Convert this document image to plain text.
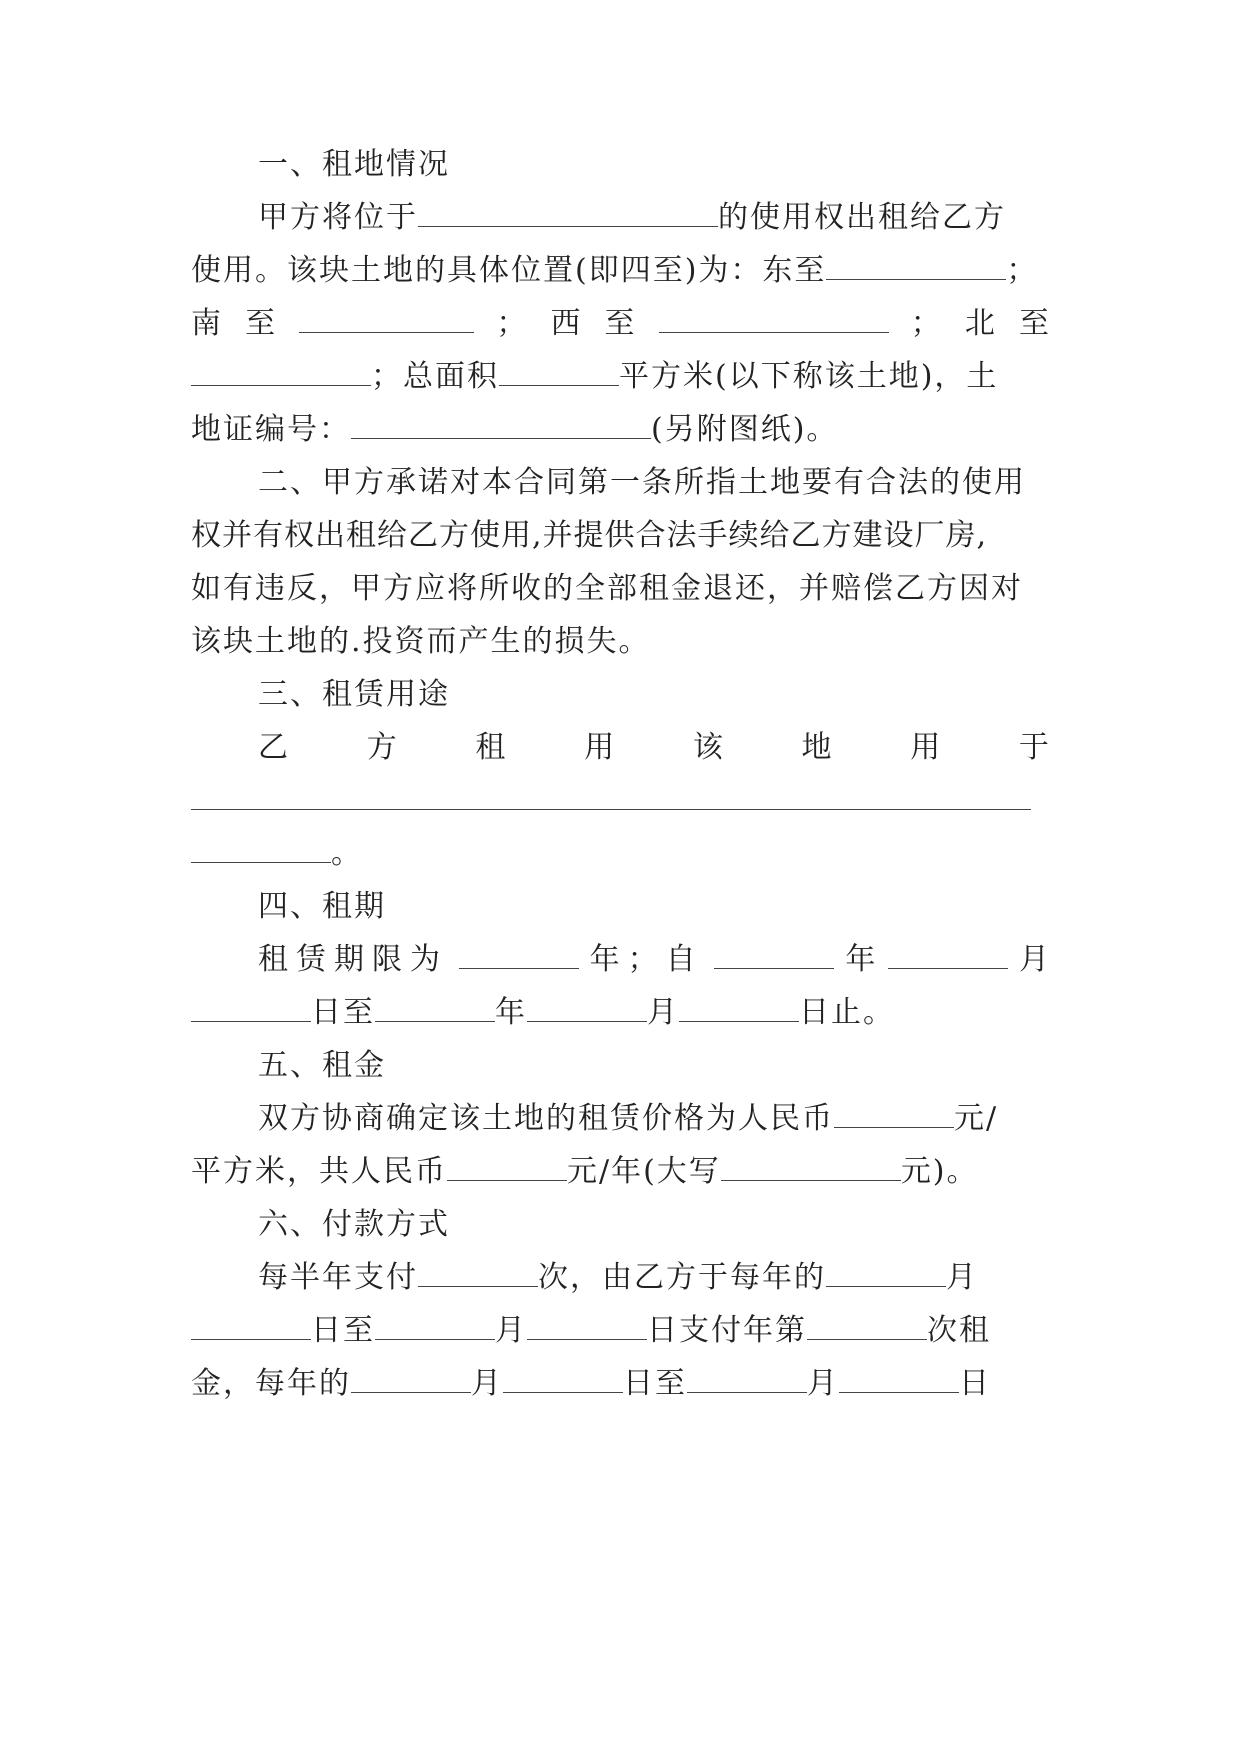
一、租地情况
甲方将位于	的使用权出租给乙方
使用。该块土地的具体位置(即四至)为：东至	；
南 至	； 西 至	； 北 至
；总面积	平方米(以下称该土地)，土
地证编号：	(另附图纸)。
二、甲方承诺对本合同第一条所指土地要有合法的使用
权并有权出租给乙方使用,并提供合法手续给乙方建设厂房,
如有违反，甲方应将所收的全部租金退还，并赔偿乙方因对
该块土地的.投资而产生的损失。
三、租赁用途
乙	方	租	用	该	地	用	于
。
四、租期
租赁期限为	年；自	年	月
日至	年	月	日止。
五、租金
双方协商确定该土地的租赁价格为人民币	元/
平方米，共人民币	元/年(大写	元)。
六、付款方式
每半年支付	次，由乙方于每年的	月
日至	月	日支付年第	次租
金，每年的	月	日至	月	日
